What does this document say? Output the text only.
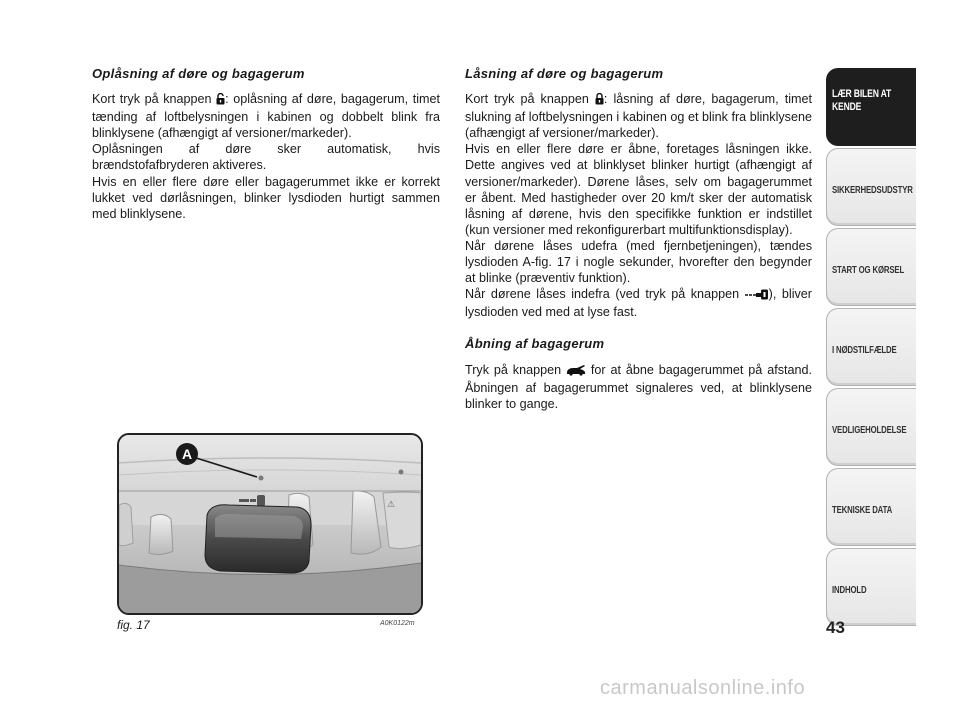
Oplåsning af døre og bagagerum

Kort tryk på knappen : oplåsning af døre, bagagerum, timet tænding af loftbelysningen i kabinen og dobbelt blink fra blinklysene (afhængigt af versioner/markeder).

Oplåsningen af døre sker automatisk, hvis brændstofafbryderen aktiveres.

Hvis en eller flere døre eller bagagerummet ikke er korrekt lukket ved dørlåsningen, blinker lysdioden hurtigt sammen med blinklysene.

Låsning af døre og bagagerum

Kort tryk på knappen : låsning af døre, bagagerum, timet slukning af loftbelysningen i kabinen og et blink fra blinklysene (afhængigt af versioner/markeder).

Hvis en eller flere døre er åbne, foretages låsningen ikke. Dette angives ved at blinklyset blinker hurtigt (afhængigt af versioner/markeder). Dørene låses, selv om bagagerummet er åbent. Med hastigheder over 20 km/t sker der automatisk låsning af dørene, hvis den specifikke funktion er indstillet (kun versioner med rekonfigurerbart multifunktionsdisplay).

Når dørene låses udefra (med fjernbetjeningen), tændes lysdioden A-fig. 17 i nogle sekunder, hvorefter den begynder at blinke (præventiv funktion).

Når dørene låses indefra (ved tryk på knappen ), bliver lysdioden ved med at lyse fast.

Åbning af bagagerum

Tryk på knappen  for at åbne bagagerummet på afstand. Åbningen af bagagerummet signaleres ved, at blinklysene blinker to gange.

⚠
A
fig. 17	A0K0122m
LÆR BILEN AT KENDE
SIKKERHEDSUDSTYR
START OG KØRSEL
I NØDSTILFÆLDE
VEDLIGEHOLDELSE
TEKNISKE DATA
INDHOLD
43
carmanualsonline.info
